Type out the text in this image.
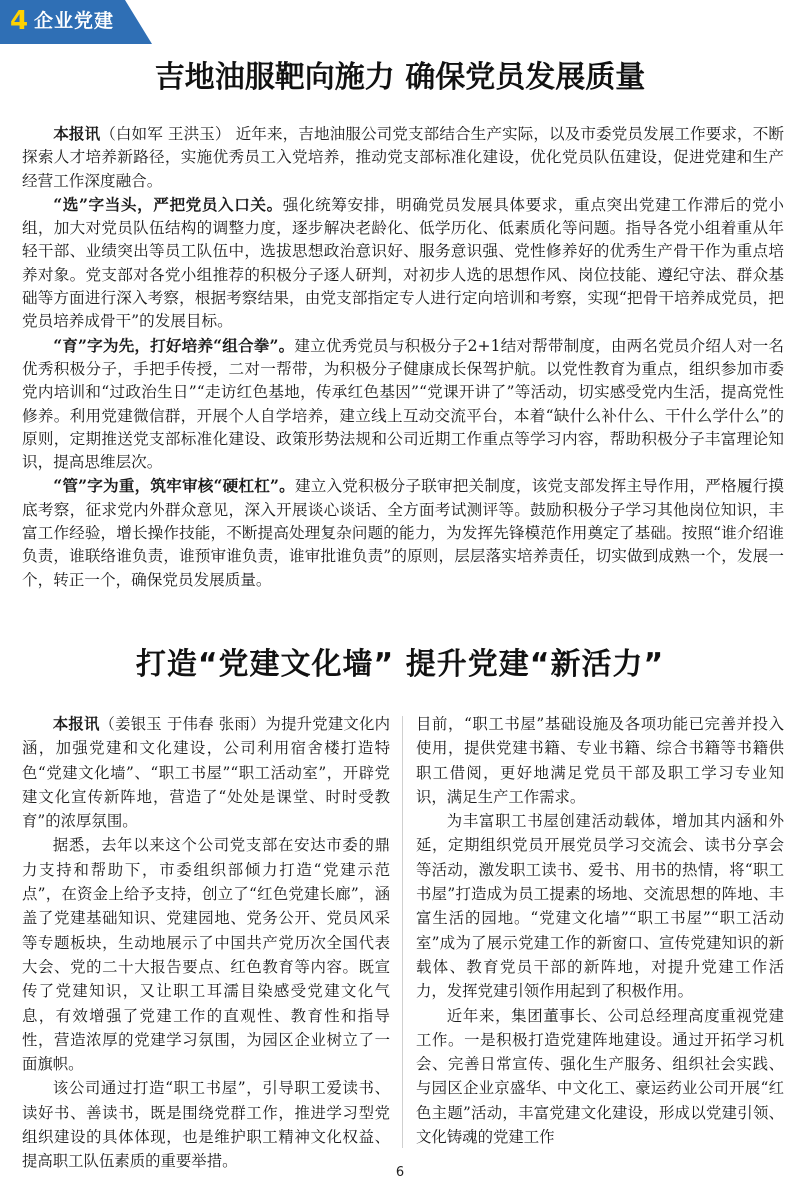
4 企业党建
吉地油服靶向施力 确保党员发展质量

本报讯（白如军 王洪玉） 近年来，吉地油服公司党支部结合生产实际，以及市委党员发展工作要求，不断探索人才培养新路径，实施优秀员工入党培养，推动党支部标准化建设，优化党员队伍建设，促进党建和生产经营工作深度融合。

“选”字当头，严把党员入口关。强化统筹安排，明确党员发展具体要求，重点突出党建工作滞后的党小组，加大对党员队伍结构的调整力度，逐步解决老龄化、低学历化、低素质化等问题。指导各党小组着重从年轻干部、业绩突出等员工队伍中，选拔思想政治意识好、服务意识强、党性修养好的优秀生产骨干作为重点培养对象。党支部对各党小组推荐的积极分子逐人研判，对初步人选的思想作风、岗位技能、遵纪守法、群众基础等方面进行深入考察，根据考察结果，由党支部指定专人进行定向培训和考察，实现“把骨干培养成党员，把党员培养成骨干”的发展目标。

“育”字为先，打好培养“组合拳”。建立优秀党员与积极分子2+1结对帮带制度，由两名党员介绍人对一名优秀积极分子，手把手传授，二对一帮带，为积极分子健康成长保驾护航。以党性教育为重点，组织参加市委党内培训和“过政治生日”“走访红色基地，传承红色基因”“党课开讲了”等活动，切实感受党内生活，提高党性修养。利用党建微信群，开展个人自学培养，建立线上互动交流平台，本着“缺什么补什么、干什么学什么”的原则，定期推送党支部标准化建设、政策形势法规和公司近期工作重点等学习内容，帮助积极分子丰富理论知识，提高思维层次。

“管”字为重，筑牢审核“硬杠杠”。建立入党积极分子联审把关制度，该党支部发挥主导作用，严格履行摸底考察，征求党内外群众意见，深入开展谈心谈话、全方面考试测评等。鼓励积极分子学习其他岗位知识，丰富工作经验，增长操作技能，不断提高处理复杂问题的能力，为发挥先锋模范作用奠定了基础。按照“谁介绍谁负责，谁联络谁负责，谁预审谁负责，谁审批谁负责”的原则，层层落实培养责任，切实做到成熟一个，发展一个，转正一个，确保党员发展质量。

打造“党建文化墙” 提升党建“新活力”

本报讯（姜银玉 于伟春 张雨）为提升党建文化内涵，加强党建和文化建设，公司利用宿舍楼打造特色“党建文化墙”、“职工书屋”“职工活动室”，开辟党建文化宣传新阵地，营造了“处处是课堂、时时受教育”的浓厚氛围。

据悉，去年以来这个公司党支部在安达市委的鼎力支持和帮助下，市委组织部倾力打造“党建示范点”，在资金上给予支持，创立了“红色党建长廊”，涵盖了党建基础知识、党建园地、党务公开、党员风采等专题板块，生动地展示了中国共产党历次全国代表大会、党的二十大报告要点、红色教育等内容。既宣传了党建知识，又让职工耳濡目染感受党建文化气息，有效增强了党建工作的直观性、教育性和指导性，营造浓厚的党建学习氛围，为园区企业树立了一面旗帜。

该公司通过打造“职工书屋”，引导职工爱读书、读好书、善读书，既是围绕党群工作，推进学习型党组织建设的具体体现，也是维护职工精神文化权益、提高职工队伍素质的重要举措。

目前，“职工书屋”基础设施及各项功能已完善并投入使用，提供党建书籍、专业书籍、综合书籍等书籍供职工借阅，更好地满足党员干部及职工学习专业知识，满足生产工作需求。

为丰富职工书屋创建活动载体，增加其内涵和外延，定期组织党员开展党员学习交流会、读书分享会等活动，激发职工读书、爱书、用书的热情，将“职工书屋”打造成为员工提素的场地、交流思想的阵地、丰富生活的园地。“党建文化墙”“职工书屋”“职工活动室”成为了展示党建工作的新窗口、宣传党建知识的新载体、教育党员干部的新阵地，对提升党建工作活力，发挥党建引领作用起到了积极作用。

近年来，集团董事长、公司总经理高度重视党建工作。一是积极打造党建阵地建设。通过开拓学习机会、完善日常宣传、强化生产服务、组织社会实践、与园区企业京盛华、中文化工、豪运药业公司开展“红色主题”活动，丰富党建文化建设，形成以党建引领、文化铸魂的党建工作

6
